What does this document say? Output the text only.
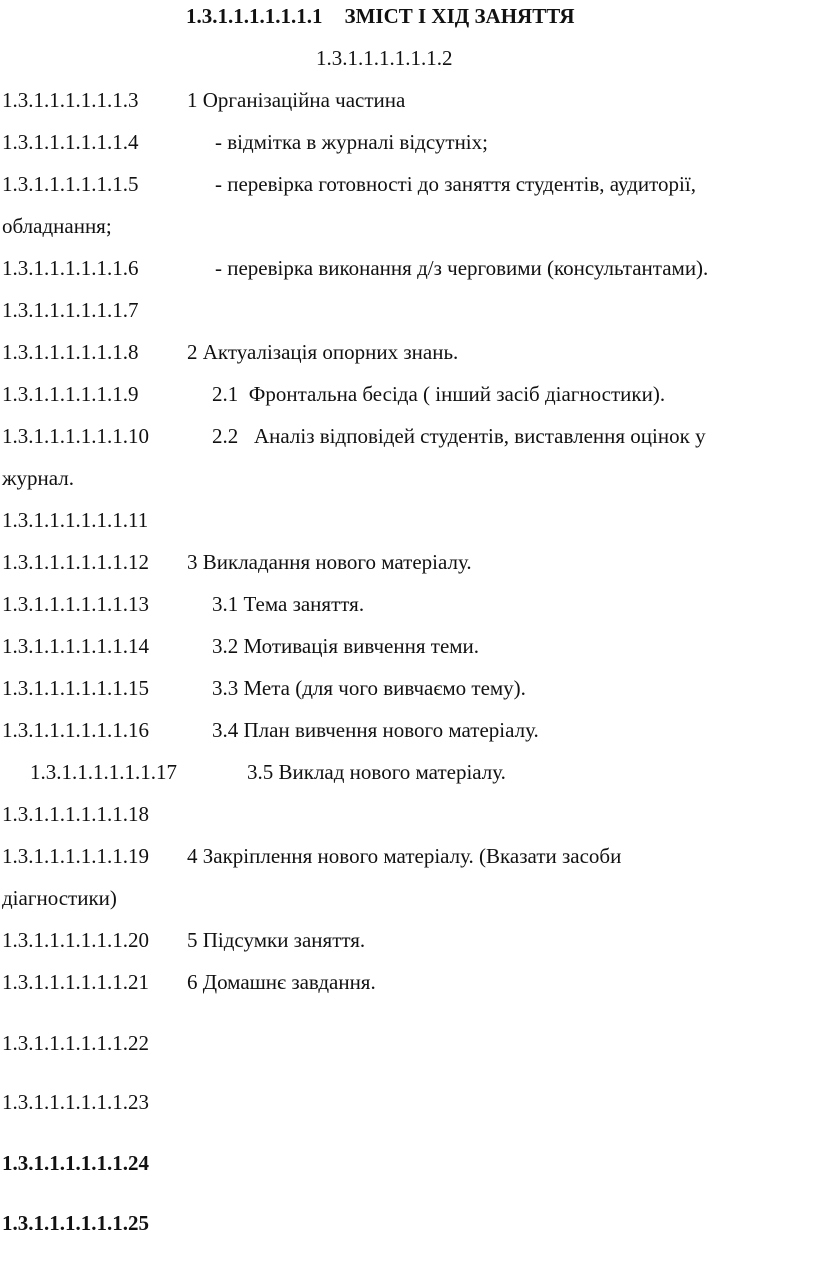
1.3.1.1.1.1.1.1.1 ЗМІСТ І ХІД ЗАНЯТТЯ
1.3.1.1.1.1.1.1.2
1.3.1.1.1.1.1.1.3 1 Організаційна частина
1.3.1.1.1.1.1.1.4	- відмітка в журналі відсутніх;
1.3.1.1.1.1.1.1.5	- перевірка готовності до заняття студентів, аудиторії,
обладнання;
1.3.1.1.1.1.1.1.6	- перевірка виконання д/з черговими (консультантами).
1.3.1.1.1.1.1.1.7
1.3.1.1.1.1.1.1.8 2 Актуалізація опорних знань.
1.3.1.1.1.1.1.1.9	2.1  Фронтальна бесіда ( інший засіб діагностики).
1.3.1.1.1.1.1.1.10	2.2   Аналіз відповідей студентів, виставлення оцінок у
журнал.
1.3.1.1.1.1.1.1.11
1.3.1.1.1.1.1.1.12 3 Викладання нового матеріалу.
1.3.1.1.1.1.1.1.13	3.1 Тема заняття.
1.3.1.1.1.1.1.1.14	3.2 Мотивація вивчення теми.
1.3.1.1.1.1.1.1.15	3.3 Мета (для чого вивчаємо тему).
1.3.1.1.1.1.1.1.16	3.4 План вивчення нового матеріалу.
1.3.1.1.1.1.1.1.17	3.5 Виклад нового матеріалу.
1.3.1.1.1.1.1.1.18
1.3.1.1.1.1.1.1.19 4 Закріплення нового матеріалу. (Вказати засоби
діагностики)
1.3.1.1.1.1.1.1.20 5 Підсумки заняття.
1.3.1.1.1.1.1.1.21 6 Домашнє завдання.
1.3.1.1.1.1.1.1.22
1.3.1.1.1.1.1.1.23
1.3.1.1.1.1.1.1.24
1.3.1.1.1.1.1.1.25
